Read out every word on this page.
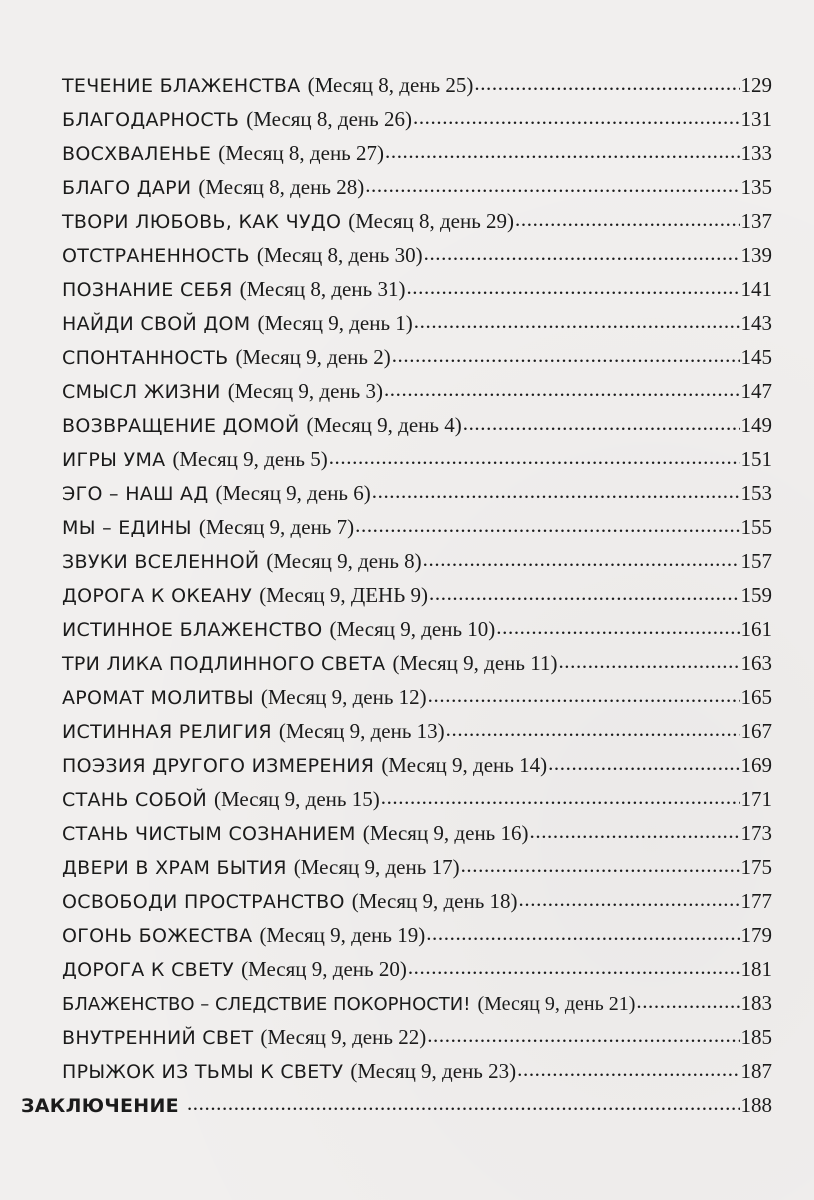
ТЕЧЕНИЕ БЛАЖЕНСТВА (Месяц 8, день 25) .....	129
БЛАГОДАРНОСТЬ (Месяц 8, день 26) .....	131
ВОСХВАЛЕНЬЕ (Месяц 8, день 27) .....	133
БЛАГО ДАРИ (Месяц 8, день 28) .....	135
ТВОРИ ЛЮБОВЬ, КАК ЧУДО (Месяц 8, день 29) .....	137
ОТСТРАНЕННОСТЬ (Месяц 8, день 30) .....	139
ПОЗНАНИЕ СЕБЯ (Месяц 8, день 31) .....	141
НАЙДИ СВОЙ ДОМ (Месяц 9, день 1) .....	143
СПОНТАННОСТЬ (Месяц 9, день 2) .....	145
СМЫСЛ ЖИЗНИ (Месяц 9, день 3) .....	147
ВОЗВРАЩЕНИЕ ДОМОЙ (Месяц 9, день 4) .....	149
ИГРЫ УМА (Месяц 9, день 5) .....	151
ЭГО – НАШ АД (Месяц 9, день 6) .....	153
МЫ – ЕДИНЫ (Месяц 9, день 7) .....	155
ЗВУКИ ВСЕЛЕННОЙ (Месяц 9, день 8) .....	157
ДОРОГА К ОКЕАНУ (Месяц 9, ДЕНЬ 9) .....	159
ИСТИННОЕ БЛАЖЕНСТВО (Месяц 9, день 10) .....	161
ТРИ ЛИКА ПОДЛИННОГО СВЕТА (Месяц 9, день 11) .....	163
АРОМАТ МОЛИТВЫ (Месяц 9, день 12) .....	165
ИСТИННАЯ РЕЛИГИЯ (Месяц 9, день 13) .....	167
ПОЭЗИЯ ДРУГОГО ИЗМЕРЕНИЯ (Месяц 9, день 14) .....	169
СТАНЬ СОБОЙ (Месяц 9, день 15) .....	171
СТАНЬ ЧИСТЫМ СОЗНАНИЕМ (Месяц 9, день 16) .....	173
ДВЕРИ В ХРАМ БЫТИЯ (Месяц 9, день 17) .....	175
ОСВОБОДИ ПРОСТРАНСТВО (Месяц 9, день 18) .....	177
ОГОНЬ БОЖЕСТВА (Месяц 9, день 19) .....	179
ДОРОГА К СВЕТУ (Месяц 9, день 20) .....	181
БЛАЖЕНСТВО – СЛЕДСТВИЕ ПОКОРНОСТИ! (Месяц 9, день 21) .....	183
ВНУТРЕННИЙ СВЕТ (Месяц 9, день 22) .....	185
ПРЫЖОК ИЗ ТЬМЫ К СВЕТУ (Месяц 9, день 23) .....	187
ЗАКЛЮЧЕНИЕ .....	188
